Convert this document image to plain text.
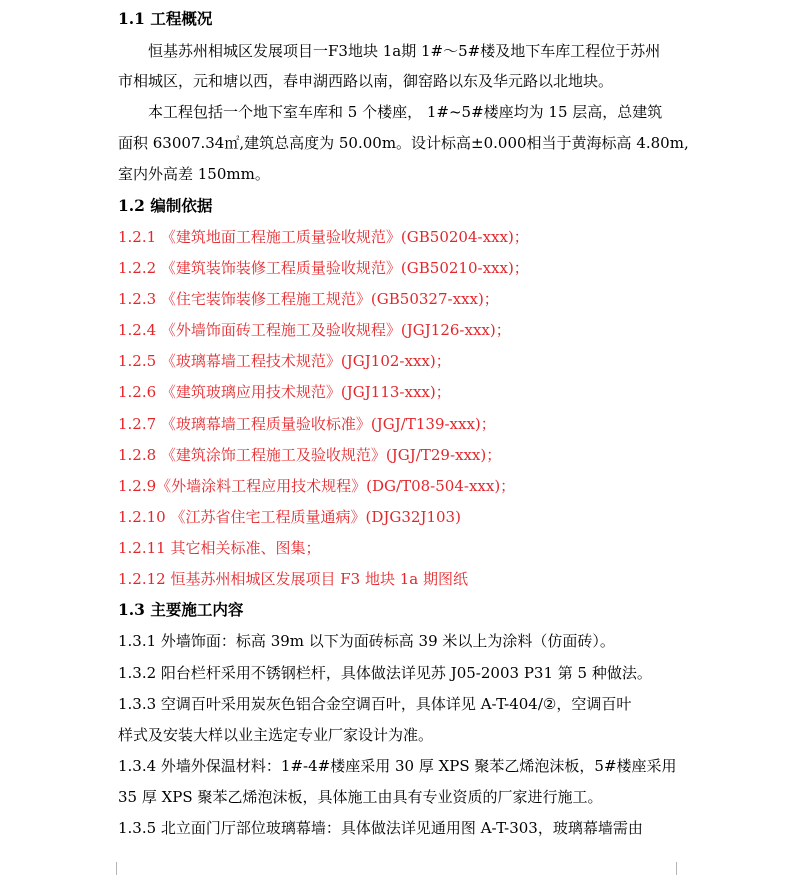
1.1 工程概况
恒基苏州相城区发展项目一F3地块 1a期 1#～5#楼及地下车库工程位于苏州
市相城区，元和塘以西，春申湖西路以南，御窑路以东及华元路以北地块。
本工程包括一个地下室车库和 5 个楼座， 1#~5#楼座均为 15 层高，总建筑
面积 63007.34㎡,建筑总高度为 50.00m。设计标高±0.000相当于黄海标高 4.80m,
室内外高差 150mm。
1.2 编制依据
1.2.1 《建筑地面工程施工质量验收规范》(GB50204-xxx)；
1.2.2 《建筑装饰装修工程质量验收规范》(GB50210-xxx)；
1.2.3 《住宅装饰装修工程施工规范》(GB50327-xxx)；
1.2.4 《外墙饰面砖工程施工及验收规程》(JGJ126-xxx)；
1.2.5 《玻璃幕墙工程技术规范》(JGJ102-xxx)；
1.2.6 《建筑玻璃应用技术规范》(JGJ113-xxx)；
1.2.7 《玻璃幕墙工程质量验收标准》(JGJ/T139-xxx)；
1.2.8 《建筑涂饰工程施工及验收规范》(JGJ/T29-xxx)；
1.2.9《外墙涂料工程应用技术规程》(DG/T08-504-xxx)；
1.2.10 《江苏省住宅工程质量通病》(DJG32J103)
1.2.11 其它相关标准、图集；
1.2.12 恒基苏州相城区发展项目 F3 地块 1a 期图纸
1.3 主要施工内容
1.3.1 外墙饰面：标高 39m 以下为面砖标高 39 米以上为涂料（仿面砖）。
1.3.2 阳台栏杆采用不锈钢栏杆，具体做法详见苏 J05-2003 P31 第 5 种做法。
1.3.3 空调百叶采用炭灰色铝合金空调百叶，具体详见 A-T-404/②，空调百叶
样式及安装大样以业主选定专业厂家设计为准。
1.3.4 外墙外保温材料：1#-4#楼座采用 30 厚 XPS 聚苯乙烯泡沫板，5#楼座采用
35 厚 XPS 聚苯乙烯泡沫板，具体施工由具有专业资质的厂家进行施工。
1.3.5 北立面门厅部位玻璃幕墙：具体做法详见通用图 A-T-303，玻璃幕墙需由
